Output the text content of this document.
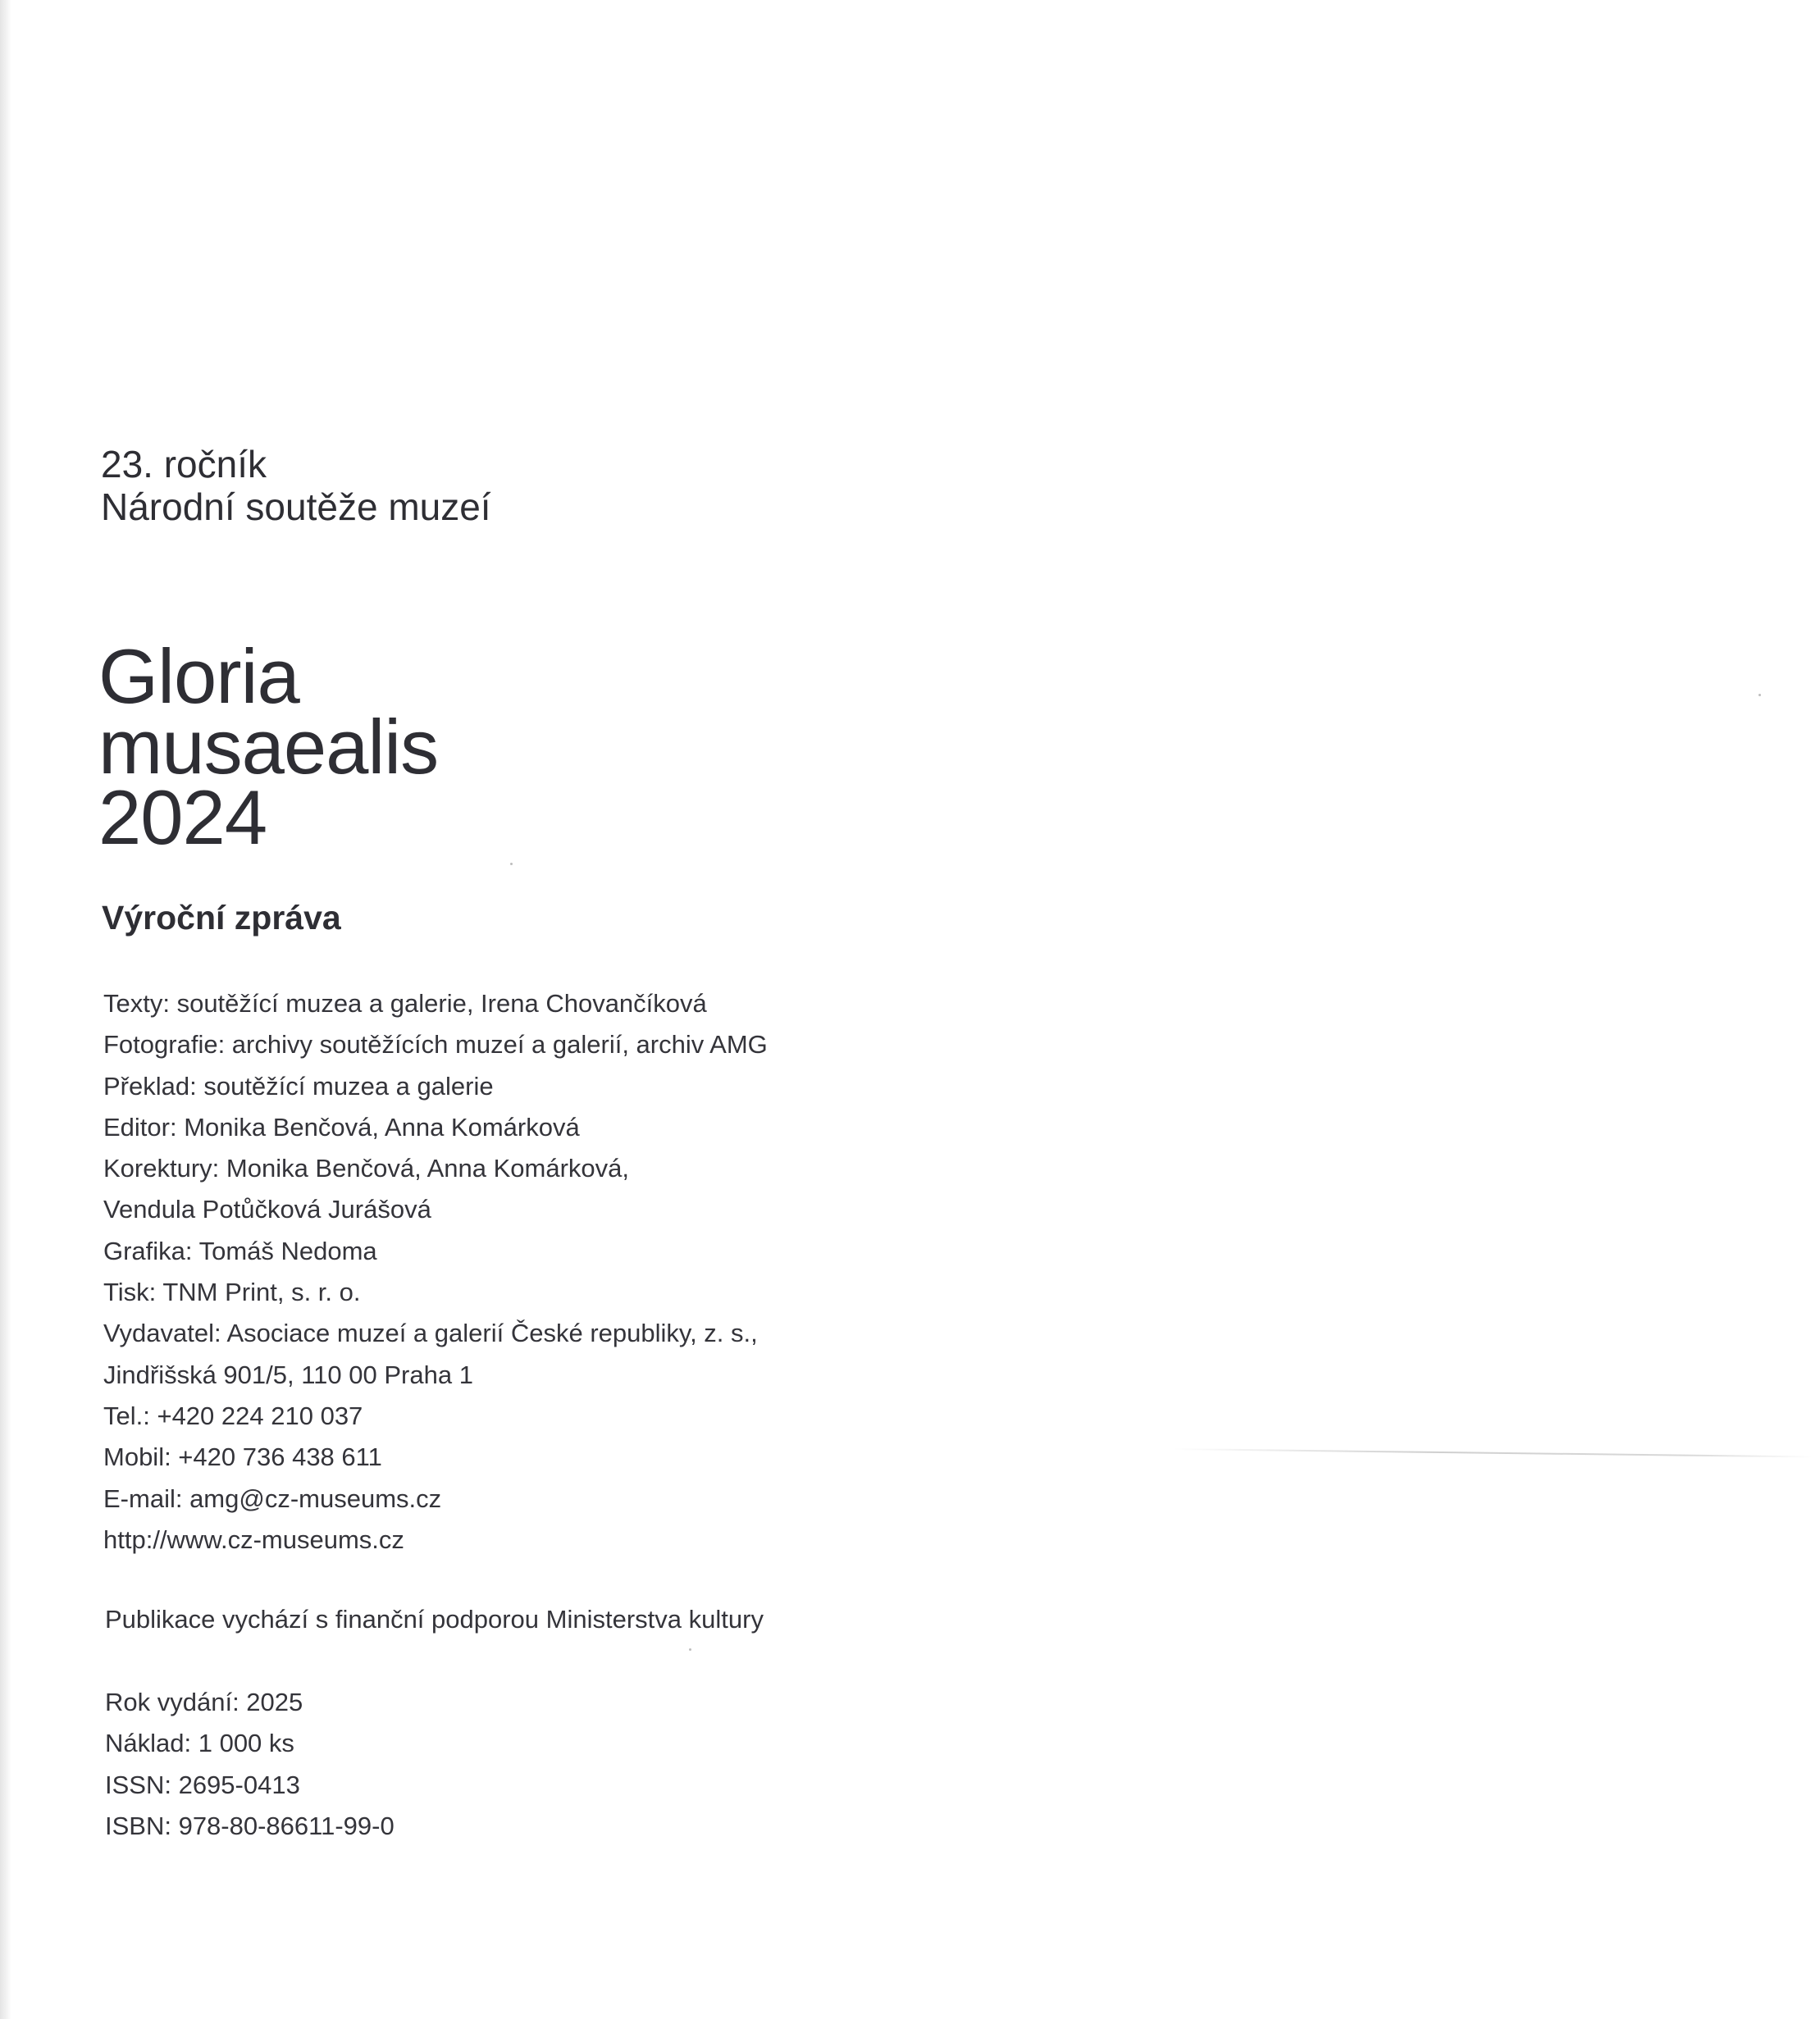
23. ročník
Národní soutěže muzeí
Gloria
musaealis
2024
Výroční zpráva
Texty: soutěžící muzea a galerie, Irena Chovančíková
Fotografie: archivy soutěžících muzeí a galerií, archiv AMG
Překlad: soutěžící muzea a galerie
Editor: Monika Benčová, Anna Komárková
Korektury: Monika Benčová, Anna Komárková,
Vendula Potůčková Jurášová
Grafika: Tomáš Nedoma
Tisk: TNM Print, s. r. o.
Vydavatel: Asociace muzeí a galerií České republiky, z. s.,
Jindřišská 901/5, 110 00 Praha 1
Tel.: +420 224 210 037
Mobil: +420 736 438 611
E-mail: amg@cz-museums.cz
http://www.cz-museums.cz
Publikace vychází s finanční podporou Ministerstva kultury
Rok vydání: 2025
Náklad: 1 000 ks
ISSN: 2695-0413
ISBN: 978-80-86611-99-0
